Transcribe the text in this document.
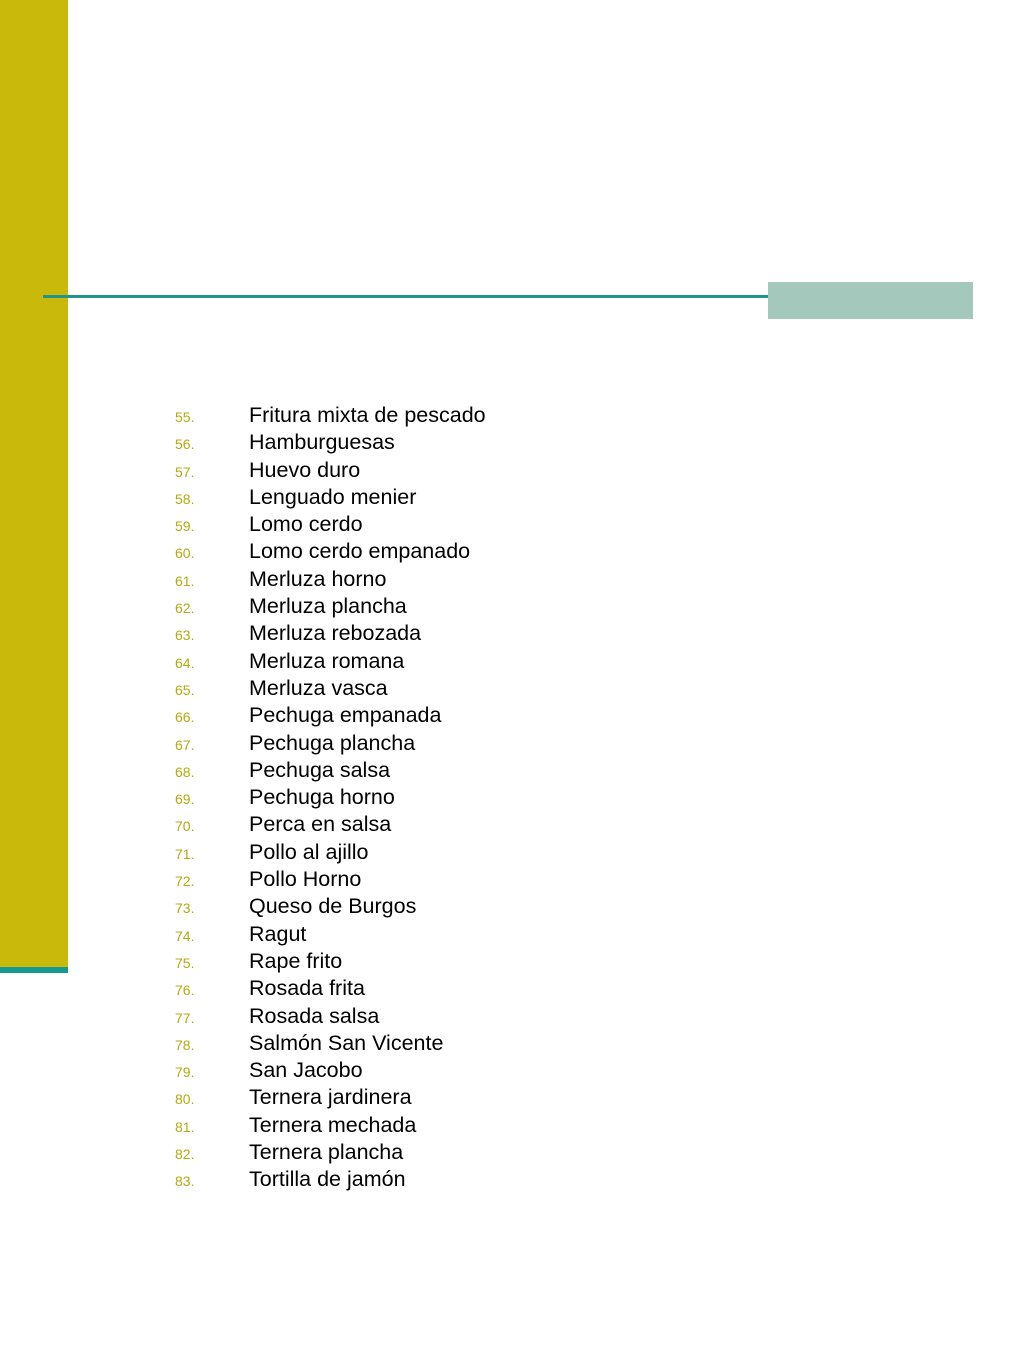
55.	Fritura mixta de pescado
56.	Hamburguesas
57.	Huevo duro
58.	Lenguado menier
59.	Lomo cerdo
60.	Lomo cerdo empanado
61.	Merluza horno
62.	Merluza plancha
63.	Merluza rebozada
64.	Merluza romana
65.	Merluza vasca
66.	Pechuga empanada
67.	Pechuga plancha
68.	Pechuga salsa
69.	Pechuga horno
70.	Perca en salsa
71.	Pollo al ajillo
72.	Pollo Horno
73.	Queso de Burgos
74.	Ragut
75.	Rape frito
76.	Rosada frita
77.	Rosada salsa
78.	Salmón San Vicente
79.	San Jacobo
80.	Ternera jardinera
81.	Ternera mechada
82.	Ternera plancha
83.	Tortilla de jamón
